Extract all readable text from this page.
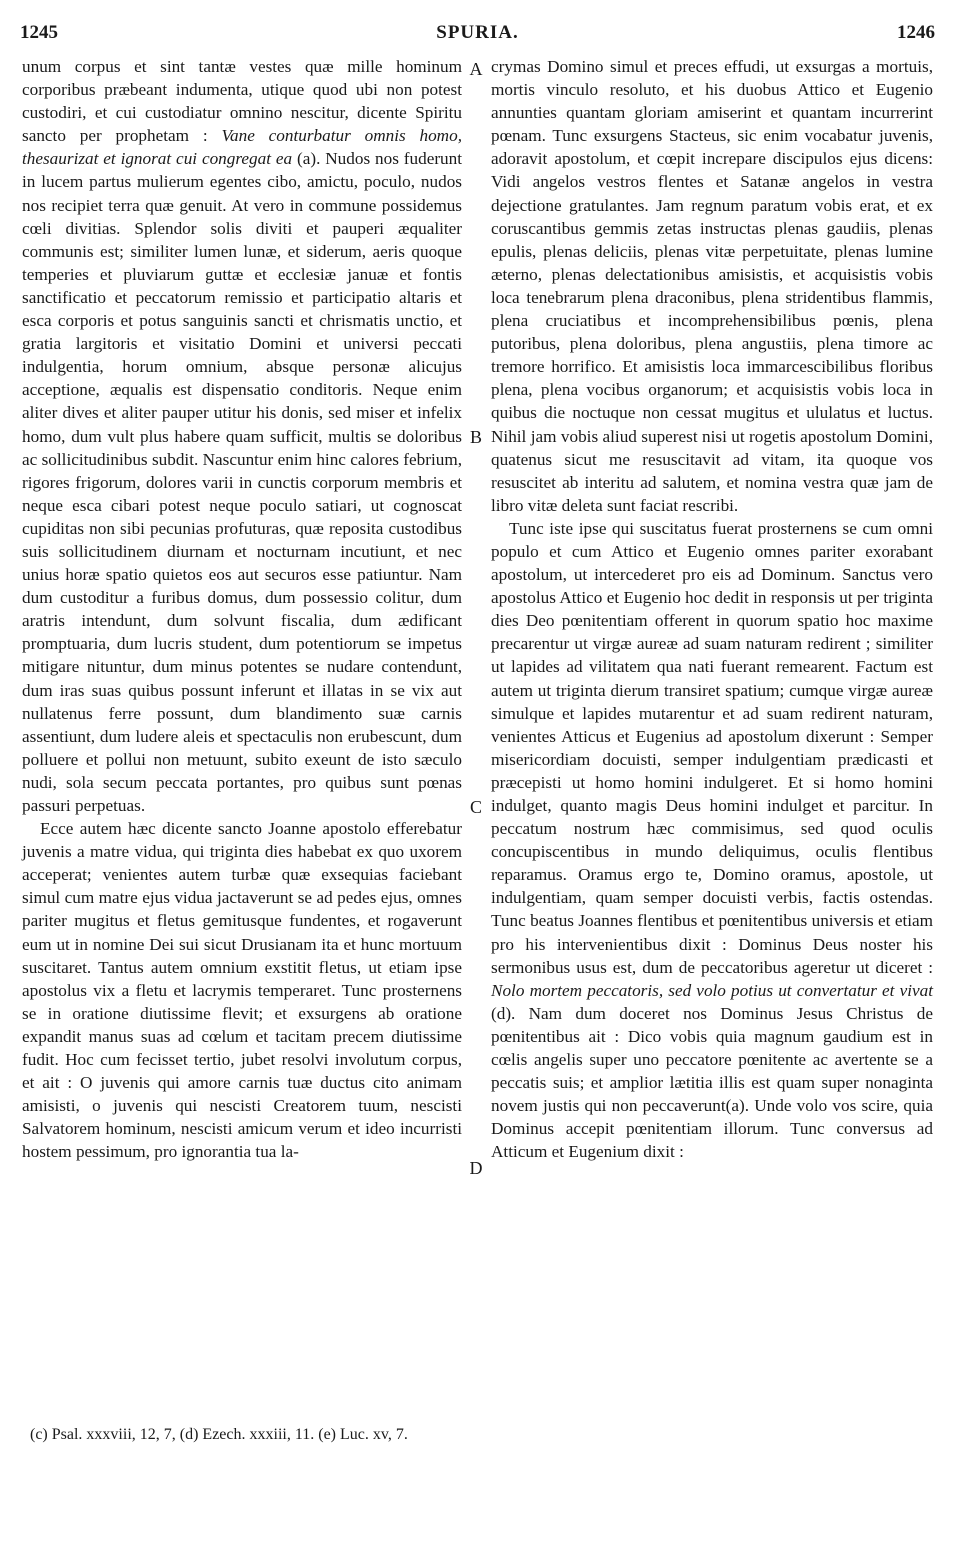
1245	SPURIA.	1246

unum corpus et sint tantæ vestes quæ mille hominum corporibus præbeant indumenta, utique quod ubi non potest custodiri, et cui custodiatur omnino nescitur, dicente Spiritu sancto per prophetam : Vane conturbatur omnis homo, thesaurizat et ignorat cui congregat ea (a). Nudos nos fuderunt in lucem partus mulierum egentes cibo, amictu, poculo, nudos nos recipiet terra quæ genuit. At vero in commune possidemus cœli divitias. Splendor solis diviti et pauperi æqualiter communis est; similiter lumen lunæ, et siderum, aeris quoque temperies et pluviarum guttæ et ecclesiæ januæ et fontis sanctificatio et peccatorum remissio et participatio altaris et esca corporis et potus sanguinis sancti et chrismatis unctio, et gratia largitoris et visitatio Domini et universi peccati indulgentia, horum omnium, absque personæ alicujus acceptione, æqualis est dispensatio conditoris. Neque enim aliter dives et aliter pauper utitur his donis, sed miser et infelix homo, dum vult plus habere quam sufficit, multis se doloribus ac sollicitudinibus subdit. Nascuntur enim hinc calores febrium, rigores frigorum, dolores varii in cunctis corporum membris et neque esca cibari potest neque poculo satiari, ut cognoscat cupiditas non sibi pecunias profuturas, quæ reposita custodibus suis sollicitudinem diurnam et nocturnam incutiunt, et nec unius horæ spatio quietos eos aut securos esse patiuntur. Nam dum custoditur a furibus domus, dum possessio colitur, dum aratris intendunt, dum solvunt fiscalia, dum ædificant promptuaria, dum lucris student, dum potentiorum se impetus mitigare nituntur, dum minus potentes se nudare contendunt, dum iras suas quibus possunt inferunt et illatas in se vix aut nullatenus ferre possunt, dum blandimento suæ carnis assentiunt, dum ludere aleis et spectaculis non erubescunt, dum polluere et pollui non metuunt, subito exeunt de isto sæculo nudi, sola secum peccata portantes, pro quibus sunt pœnas passuri perpetuas.

Ecce autem hæc dicente sancto Joanne apostolo efferebatur juvenis a matre vidua, qui triginta dies habebat ex quo uxorem acceperat; venientes autem turbæ quæ exsequias faciebant simul cum matre ejus vidua jactaverunt se ad pedes ejus, omnes pariter mugitus et fletus gemitusque fundentes, et rogaverunt eum ut in nomine Dei sui sicut Drusianam ita et hunc mortuum suscitaret. Tantus autem omnium exstitit fletus, ut etiam ipse apostolus vix a fletu et lacrymis temperaret. Tunc prosternens se in oratione diutissime flevit; et exsurgens ab oratione expandit manus suas ad cœlum et tacitam precem diutissime fudit. Hoc cum fecisset tertio, jubet resolvi involutum corpus, et ait : O juvenis qui amore carnis tuæ ductus cito animam amisisti, o juvenis qui nescisti Creatorem tuum, nescisti Salvatorem hominum, nescisti amicum verum et ideo incurristi hostem pessimum, pro ignorantia tua la-

A
B
C
D

crymas Domino simul et preces effudi, ut exsurgas a mortuis, mortis vinculo resoluto, et his duobus Attico et Eugenio annunties quantam gloriam amiserint et quantam incurrerint pœnam. Tunc exsurgens Stacteus, sic enim vocabatur juvenis, adoravit apostolum, et cœpit increpare discipulos ejus dicens: Vidi angelos vestros flentes et Satanæ angelos in vestra dejectione gratulantes. Jam regnum paratum vobis erat, et ex coruscantibus gemmis zetas instructas plenas gaudiis, plenas epulis, plenas deliciis, plenas vitæ perpetuitate, plenas lumine æterno, plenas delectationibus amisistis, et acquisistis vobis loca tenebrarum plena draconibus, plena stridentibus flammis, plena cruciatibus et incomprehensibilibus pœnis, plena putoribus, plena doloribus, plena angustiis, plena timore ac tremore horrifico. Et amisistis loca immarcescibilibus floribus plena, plena vocibus organorum; et acquisistis vobis loca in quibus die noctuque non cessat mugitus et ululatus et luctus. Nihil jam vobis aliud superest nisi ut rogetis apostolum Domini, quatenus sicut me resuscitavit ad vitam, ita quoque vos resuscitet ab interitu ad salutem, et nomina vestra quæ jam de libro vitæ deleta sunt faciat rescribi.

Tunc iste ipse qui suscitatus fuerat prosternens se cum omni populo et cum Attico et Eugenio omnes pariter exorabant apostolum, ut intercederet pro eis ad Dominum. Sanctus vero apostolus Attico et Eugenio hoc dedit in responsis ut per triginta dies Deo pœnitentiam offerent in quorum spatio hoc maxime precarentur ut virgæ aureæ ad suam naturam redirent ; similiter ut lapides ad vilitatem qua nati fuerant remearent. Factum est autem ut triginta dierum transiret spatium; cumque virgæ aureæ simulque et lapides mutarentur et ad suam redirent naturam, venientes Atticus et Eugenius ad apostolum dixerunt : Semper misericordiam docuisti, semper indulgentiam prædicasti et præcepisti ut homo homini indulgeret. Et si homo homini indulget, quanto magis Deus homini indulget et parcitur. In peccatum nostrum hæc commisimus, sed quod oculis concupiscentibus in mundo deliquimus, oculis flentibus reparamus. Oramus ergo te, Domino oramus, apostole, ut indulgentiam, quam semper docuisti verbis, factis ostendas. Tunc beatus Joannes flentibus et pœnitentibus universis et etiam pro his intervenientibus dixit : Dominus Deus noster his sermonibus usus est, dum de peccatoribus ageretur ut diceret : Nolo mortem peccatoris, sed volo potius ut convertatur et vivat (d). Nam dum doceret nos Dominus Jesus Christus de pœnitentibus ait : Dico vobis quia magnum gaudium est in cœlis angelis super uno peccatore pœnitente ac avertente se a peccatis suis; et amplior lætitia illis est quam super nonaginta novem justis qui non peccaverunt(a). Unde volo vos scire, quia Dominus accepit pœnitentiam illorum. Tunc conversus ad Atticum et Eugenium dixit :

(c) Psal. xxxviii, 12, 7, (d) Ezech. xxxiii, 11. (e) Luc. xv, 7.
